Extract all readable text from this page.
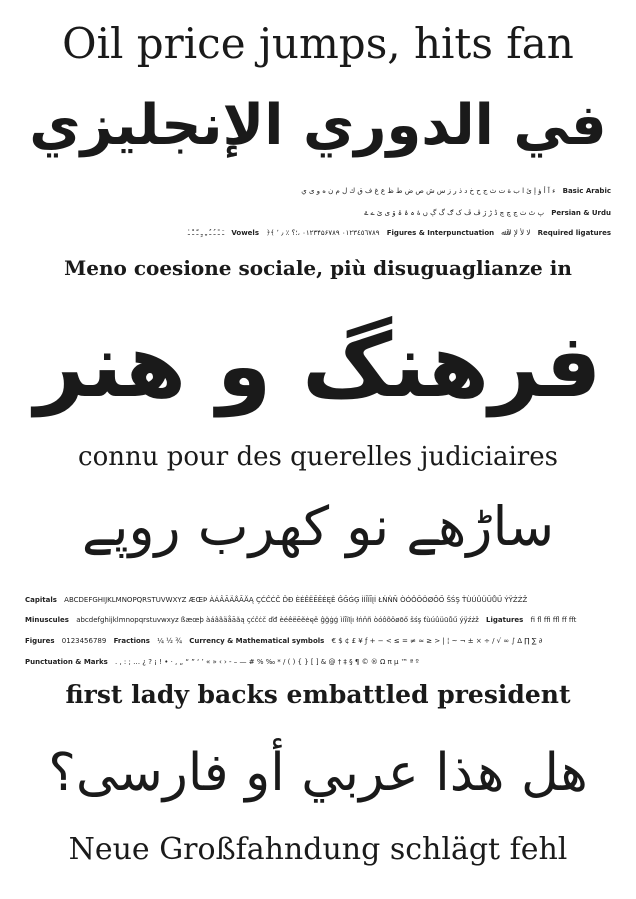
Oil price jumps, hits fan
في الدوري الإنجليزي
Basic Arabic ء آ أ ؤ إ ئ ا ب ة ت ث ج ح خ د ذ ر ز س ش ص ض ط ظ ع غ ف ق ك ل م ن ه و ى ي
Persian & Urdu پ ٹ ٺ ڃ چ ڇ ڈ ڑ ژ ڤ ڦ ک ګ گ ڳ ں ۀ ہ ۂ ۃ ۆ ی ێ ے ۓ
Required ligatures لا لأ لإ لآ ﷲ Figures & Interpunctuation ٠١٢٣٤٥٦٧٨٩ ۰۱۲۳۴۵۶۷۸۹ ،؛؟ ٪ ٫ ٬ ﴾﴿ Vowels ـَ ـً ـُ ـٌ ـِ ـٍ ـّ ـْ ـٰ
Meno coesione sociale, più disuguaglianze in
فرهنگ و هنر
connu pour des querelles judiciaires
ساڑھے نو کھرب روپے
Capitals ABCDEFGHIJKLMNOPQRSTUVWXYZ ÆŒÞ ÀÁÂÃÄÅĀĂĄ ÇĆĈĊČ ĎĐ ÈÉÊËĒĔĖĘĚ ĜĞĠĢ ÌÍÎÏĪĮİ ŁŃŇÑ ÒÓÔÕÖØŌŐ ŠŚŞ ŤÙÚÛÜŪŮŰ ÝŸŹŻŽ
Minuscules abcdefghijklmnopqrstuvwxyz ßæœþ àáâãäåāăą çćĉċč ďđ èéêëēĕėęě ĝğġģ ìíîïīįı łńňñ òóôõöøōő šśş ťùúûüūůű ýÿźżž Ligatures fi fl ffi ffl ff fft
Figures 0123456789 Fractions ¼ ½ ¾ Currency & Mathematical symbols € $ ¢ £ ¥ ƒ + − < ≤ = ≠ ≈ ≥ > | ¦ ~ ¬ ± × ÷ / √ ∞ ∫ Δ ∏ ∑ ∂
Punctuation & Marks . , : ; … ¿ ? ¡ ! • · ‚ „ “ ” ‘ ’ « » ‹ › - – — # % ‰ * / ( ) { } [ ] & @ † ‡ § ¶ © ® Ω π µ ™ ª º
first lady backs embattled president
هل هذا عربي أو فارسی؟
Neue Großfahndung schlägt fehl
